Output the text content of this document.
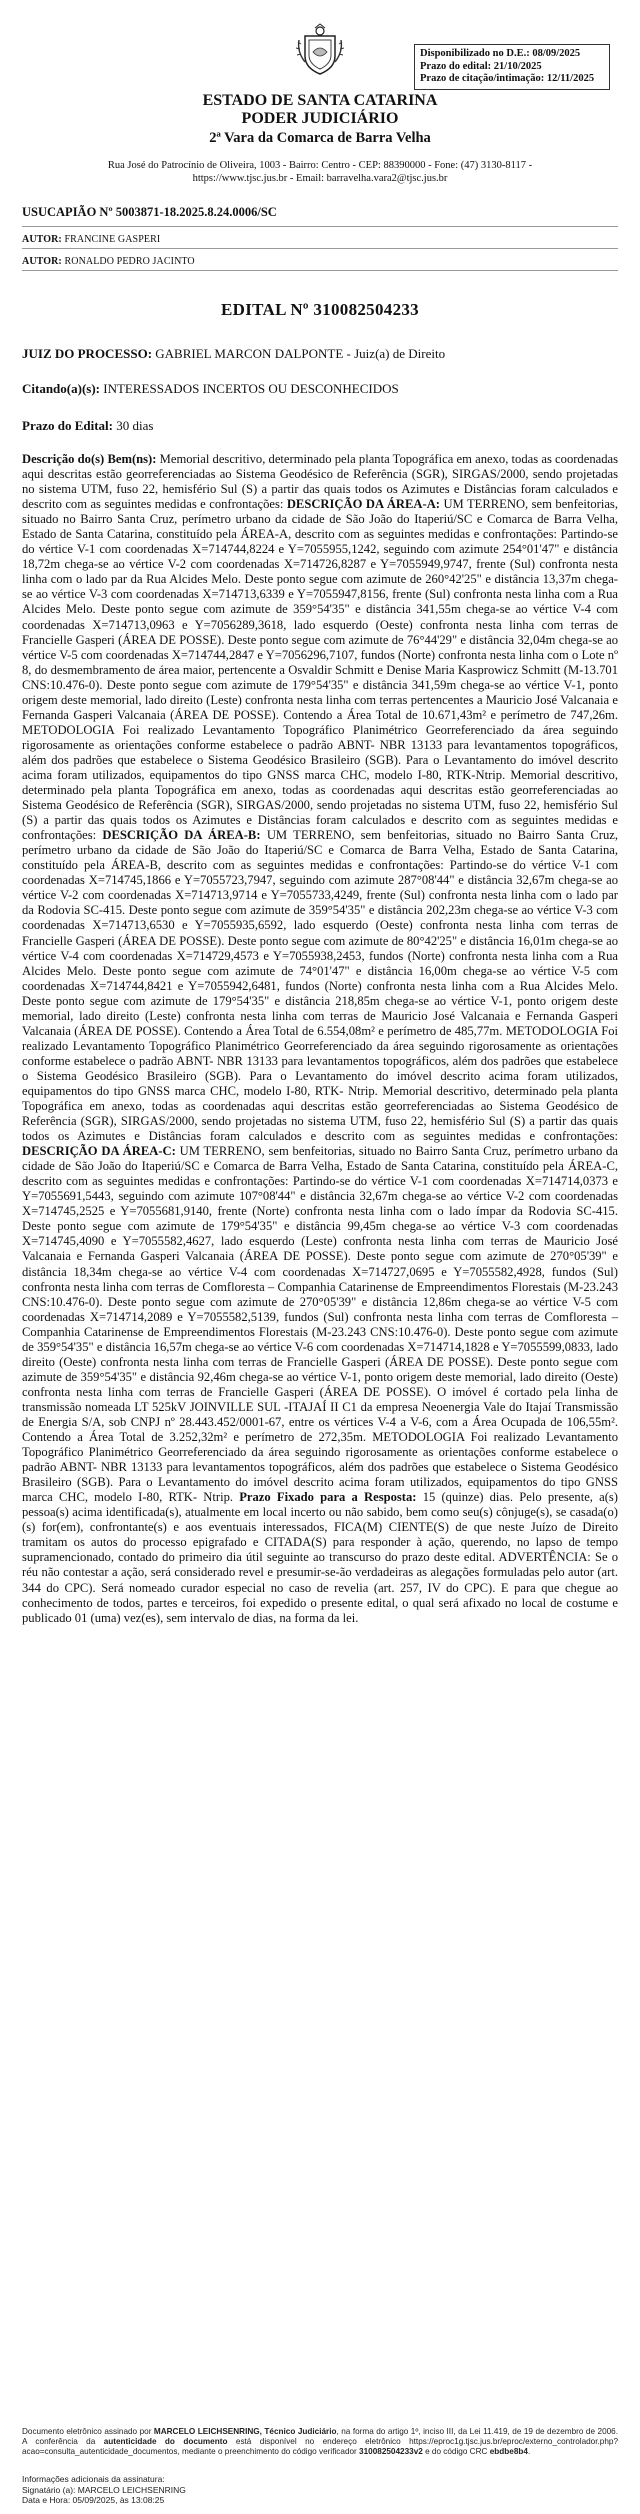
Disponibilizado no D.E.: 08/09/2025
Prazo do edital: 21/10/2025
Prazo de citação/intimação: 12/11/2025
ESTADO DE SANTA CATARINA
PODER JUDICIÁRIO
2ª Vara da Comarca de Barra Velha
Rua José do Patrocínio de Oliveira, 1003 - Bairro: Centro - CEP: 88390000 - Fone: (47) 3130-8117 -
https://www.tjsc.jus.br - Email: barravelha.vara2@tjsc.jus.br
USUCAPIÃO Nº 5003871-18.2025.8.24.0006/SC
AUTOR: FRANCINE GASPERI
AUTOR: RONALDO PEDRO JACINTO
EDITAL Nº 310082504233
JUIZ DO PROCESSO: GABRIEL MARCON DALPONTE - Juiz(a) de Direito
Citando(a)(s): INTERESSADOS INCERTOS OU DESCONHECIDOS
Prazo do Edital: 30 dias
Descrição do(s) Bem(ns): Memorial descritivo, determinado pela planta Topográfica em anexo, todas as coordenadas aqui descritas estão georreferenciadas ao Sistema Geodésico de Referência (SGR), SIRGAS/2000, sendo projetadas no sistema UTM, fuso 22, hemisfério Sul (S) a partir das quais todos os Azimutes e Distâncias foram calculados e descrito com as seguintes medidas e confrontações: DESCRIÇÃO DA ÁREA-A: UM TERRENO, sem benfeitorias, situado no Bairro Santa Cruz, perímetro urbano da cidade de São João do Itaperiú/SC e Comarca de Barra Velha, Estado de Santa Catarina, constituído pela ÁREA-A, descrito com as seguintes medidas e confrontações: Partindo-se do vértice V-1 com coordenadas X=714744,8224 e Y=7055955,1242, seguindo com azimute 254°01'47" e distância 18,72m chega-se ao vértice V-2 com coordenadas X=714726,8287 e Y=7055949,9747, frente (Sul) confronta nesta linha com o lado par da Rua Alcides Melo. Deste ponto segue com azimute de 260°42'25" e distância 13,37m chega-se ao vértice V-3 com coordenadas X=714713,6339 e Y=7055947,8156, frente (Sul) confronta nesta linha com a Rua Alcides Melo. Deste ponto segue com azimute de 359°54'35" e distância 341,55m chega-se ao vértice V-4 com coordenadas X=714713,0963 e Y=7056289,3618, lado esquerdo (Oeste) confronta nesta linha com terras de Francielle Gasperi (ÁREA DE POSSE). Deste ponto segue com azimute de 76°44'29" e distância 32,04m chega-se ao vértice V-5 com coordenadas X=714744,2847 e Y=7056296,7107, fundos (Norte) confronta nesta linha com o Lote nº 8, do desmembramento de área maior, pertencente a Osvaldir Schmitt e Denise Maria Kasprowicz Schmitt (M-13.701 CNS:10.476-0). Deste ponto segue com azimute de 179°54'35" e distância 341,59m chega-se ao vértice V-1, ponto origem deste memorial, lado direito (Leste) confronta nesta linha com terras pertencentes a Mauricio José Valcanaia e Fernanda Gasperi Valcanaia (ÁREA DE POSSE). Contendo a Área Total de 10.671,43m² e perímetro de 747,26m. METODOLOGIA Foi realizado Levantamento Topográfico Planimétrico Georreferenciado da área seguindo rigorosamente as orientações conforme estabelece o padrão ABNT- NBR 13133 para levantamentos topográficos, além dos padrões que estabelece o Sistema Geodésico Brasileiro (SGB). Para o Levantamento do imóvel descrito acima foram utilizados, equipamentos do tipo GNSS marca CHC, modelo I-80, RTK-Ntrip. Memorial descritivo, determinado pela planta Topográfica em anexo, todas as coordenadas aqui descritas estão georreferenciadas ao Sistema Geodésico de Referência (SGR), SIRGAS/2000, sendo projetadas no sistema UTM, fuso 22, hemisfério Sul (S) a partir das quais todos os Azimutes e Distâncias foram calculados e descrito com as seguintes medidas e confrontações: DESCRIÇÃO DA ÁREA-B: UM TERRENO, sem benfeitorias, situado no Bairro Santa Cruz, perímetro urbano da cidade de São João do Itaperiú/SC e Comarca de Barra Velha, Estado de Santa Catarina, constituído pela ÁREA-B, descrito com as seguintes medidas e confrontações: Partindo-se do vértice V-1 com coordenadas X=714745,1866 e Y=7055723,7947, seguindo com azimute 287°08'44" e distância 32,67m chega-se ao vértice V-2 com coordenadas X=714713,9714 e Y=7055733,4249, frente (Sul) confronta nesta linha com o lado par da Rodovia SC-415. Deste ponto segue com azimute de 359°54'35" e distância 202,23m chega-se ao vértice V-3 com coordenadas X=714713,6530 e Y=7055935,6592, lado esquerdo (Oeste) confronta nesta linha com terras de Francielle Gasperi (ÁREA DE POSSE). Deste ponto segue com azimute de 80°42'25" e distância 16,01m chega-se ao vértice V-4 com coordenadas X=714729,4573 e Y=7055938,2453, fundos (Norte) confronta nesta linha com a Rua Alcides Melo. Deste ponto segue com azimute de 74°01'47" e distância 16,00m chega-se ao vértice V-5 com coordenadas X=714744,8421 e Y=7055942,6481, fundos (Norte) confronta nesta linha com a Rua Alcides Melo. Deste ponto segue com azimute de 179°54'35" e distância 218,85m chega-se ao vértice V-1, ponto origem deste memorial, lado direito (Leste) confronta nesta linha com terras de Mauricio José Valcanaia e Fernanda Gasperi Valcanaia (ÁREA DE POSSE). Contendo a Área Total de 6.554,08m² e perímetro de 485,77m. METODOLOGIA Foi realizado Levantamento Topográfico Planimétrico Georreferenciado da área seguindo rigorosamente as orientações conforme estabelece o padrão ABNT- NBR 13133 para levantamentos topográficos, além dos padrões que estabelece o Sistema Geodésico Brasileiro (SGB). Para o Levantamento do imóvel descrito acima foram utilizados, equipamentos do tipo GNSS marca CHC, modelo I-80, RTK- Ntrip. Memorial descritivo, determinado pela planta Topográfica em anexo, todas as coordenadas aqui descritas estão georreferenciadas ao Sistema Geodésico de Referência (SGR), SIRGAS/2000, sendo projetadas no sistema UTM, fuso 22, hemisfério Sul (S) a partir das quais todos os Azimutes e Distâncias foram calculados e descrito com as seguintes medidas e confrontações: DESCRIÇÃO DA ÁREA-C: UM TERRENO, sem benfeitorias, situado no Bairro Santa Cruz, perímetro urbano da cidade de São João do Itaperiú/SC e Comarca de Barra Velha, Estado de Santa Catarina, constituído pela ÁREA-C, descrito com as seguintes medidas e confrontações: Partindo-se do vértice V-1 com coordenadas X=714714,0373 e Y=7055691,5443, seguindo com azimute 107°08'44" e distância 32,67m chega-se ao vértice V-2 com coordenadas X=714745,2525 e Y=7055681,9140, frente (Norte) confronta nesta linha com o lado ímpar da Rodovia SC-415. Deste ponto segue com azimute de 179°54'35" e distância 99,45m chega-se ao vértice V-3 com coordenadas X=714745,4090 e Y=7055582,4627, lado esquerdo (Leste) confronta nesta linha com terras de Mauricio José Valcanaia e Fernanda Gasperi Valcanaia (ÁREA DE POSSE). Deste ponto segue com azimute de 270°05'39" e distância 18,34m chega-se ao vértice V-4 com coordenadas X=714727,0695 e Y=7055582,4928, fundos (Sul) confronta nesta linha com terras de Comfloresta – Companhia Catarinense de Empreendimentos Florestais (M-23.243 CNS:10.476-0). Deste ponto segue com azimute de 270°05'39" e distância 12,86m chega-se ao vértice V-5 com coordenadas X=714714,2089 e Y=7055582,5139, fundos (Sul) confronta nesta linha com terras de Comfloresta – Companhia Catarinense de Empreendimentos Florestais (M-23.243 CNS:10.476-0). Deste ponto segue com azimute de 359°54'35" e distância 16,57m chega-se ao vértice V-6 com coordenadas X=714714,1828 e Y=7055599,0833, lado direito (Oeste) confronta nesta linha com terras de Francielle Gasperi (ÁREA DE POSSE). Deste ponto segue com azimute de 359°54'35" e distância 92,46m chega-se ao vértice V-1, ponto origem deste memorial, lado direito (Oeste) confronta nesta linha com terras de Francielle Gasperi (ÁREA DE POSSE). O imóvel é cortado pela linha de transmissão nomeada LT 525kV JOINVILLE SUL -ITAJAÍ II C1 da empresa Neoenergia Vale do Itajaí Transmissão de Energia S/A, sob CNPJ nº 28.443.452/0001-67, entre os vértices V-4 a V-6, com a Área Ocupada de 106,55m². Contendo a Área Total de 3.252,32m² e perímetro de 272,35m. METODOLOGIA Foi realizado Levantamento Topográfico Planimétrico Georreferenciado da área seguindo rigorosamente as orientações conforme estabelece o padrão ABNT- NBR 13133 para levantamentos topográficos, além dos padrões que estabelece o Sistema Geodésico Brasileiro (SGB). Para o Levantamento do imóvel descrito acima foram utilizados, equipamentos do tipo GNSS marca CHC, modelo I-80, RTK- Ntrip. Prazo Fixado para a Resposta: 15 (quinze) dias. Pelo presente, a(s) pessoa(s) acima identificada(s), atualmente em local incerto ou não sabido, bem como seu(s) cônjuge(s), se casada(o)(s) for(em), confrontante(s) e aos eventuais interessados, FICA(M) CIENTE(S) de que neste Juízo de Direito tramitam os autos do processo epigrafado e CITADA(S) para responder à ação, querendo, no lapso de tempo supramencionado, contado do primeiro dia útil seguinte ao transcurso do prazo deste edital. ADVERTÊNCIA: Se o réu não contestar a ação, será considerado revel e presumir-se-ão verdadeiras as alegações formuladas pelo autor (art. 344 do CPC). Será nomeado curador especial no caso de revelia (art. 257, IV do CPC). E para que chegue ao conhecimento de todos, partes e terceiros, foi expedido o presente edital, o qual será afixado no local de costume e publicado 01 (uma) vez(es), sem intervalo de dias, na forma da lei.
Documento eletrônico assinado por MARCELO LEICHSENRING, Técnico Judiciário, na forma do artigo 1º, inciso III, da Lei 11.419, de 19 de dezembro de 2006. A conferência da autenticidade do documento está disponível no endereço eletrônico https://eproc1g.tjsc.jus.br/eproc/externo_controlador.php?acao=consulta_autenticidade_documentos, mediante o preenchimento do código verificador 310082504233v2 e do código CRC ebdbe8b4.
Informações adicionais da assinatura:
Signatário (a): MARCELO LEICHSENRING
Data e Hora: 05/09/2025, às 13:08:25
